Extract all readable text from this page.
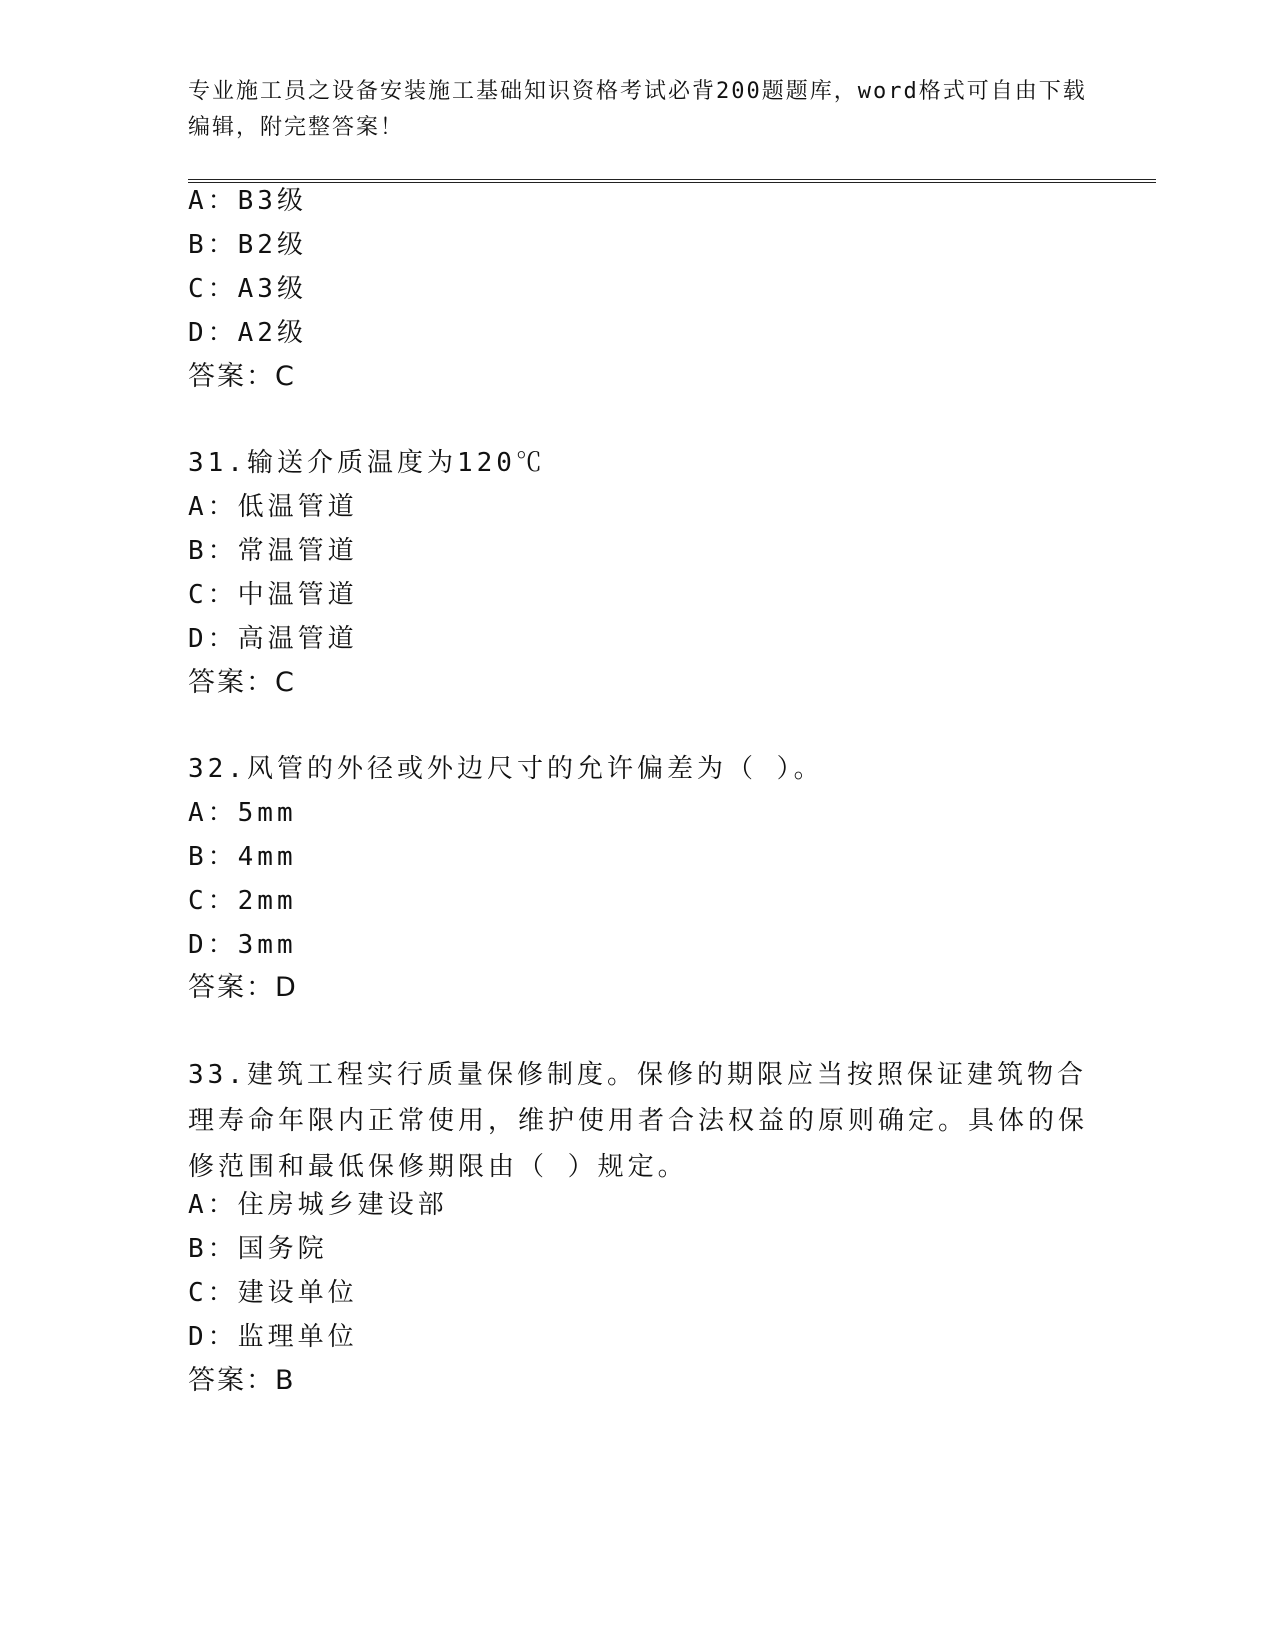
专业施工员之设备安装施工基础知识资格考试必背200题题库，word格式可自由下载编辑，附完整答案！
A：B3级
B：B2级
C：A3级
D：A2级
答案：C
31.输送介质温度为120℃
A：低温管道
B：常温管道
C：中温管道
D：高温管道
答案：C
32.风管的外径或外边尺寸的允许偏差为（ ）。
A：5mm
B：4mm
C：2mm
D：3mm
答案：D
33.建筑工程实行质量保修制度。保修的期限应当按照保证建筑物合理寿命年限内正常使用，维护使用者合法权益的原则确定。具体的保修范围和最低保修期限由（ ）规定。
A：住房城乡建设部
B：国务院
C：建设单位
D：监理单位
答案：B
